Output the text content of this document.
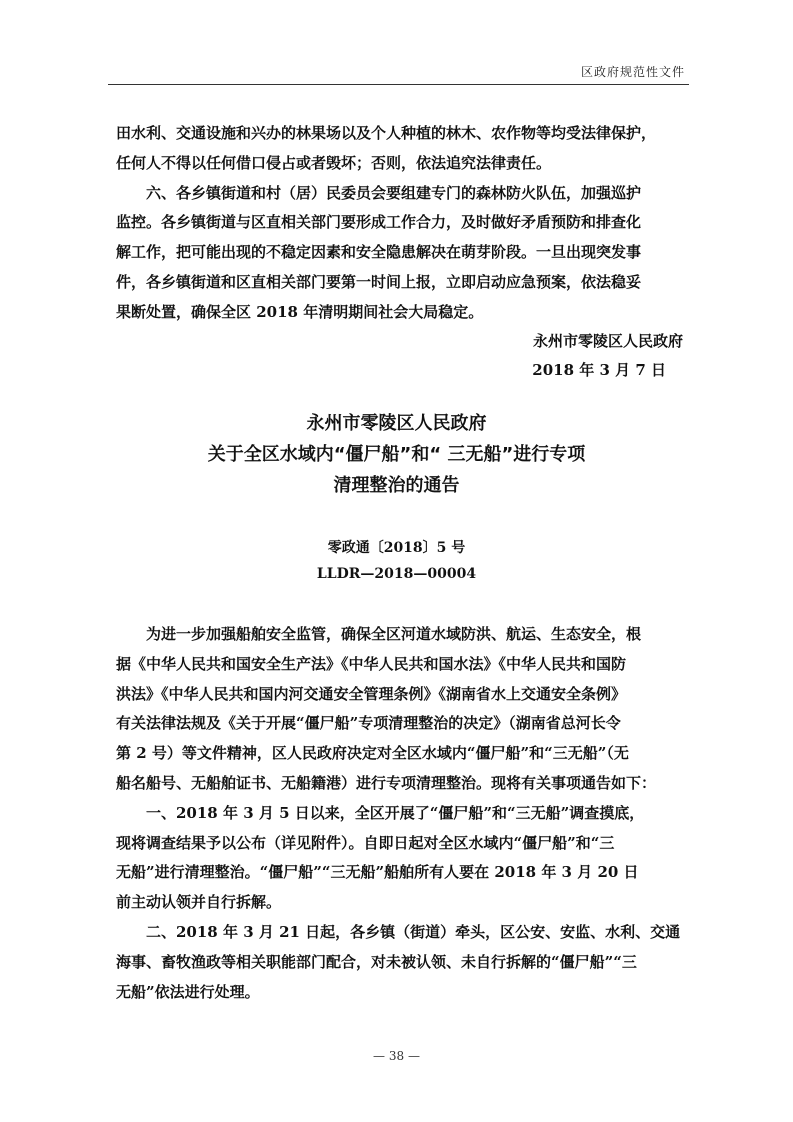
区政府规范性文件
田水利、交通设施和兴办的林果场以及个人种植的林木、农作物等均受法律保护，
任何人不得以任何借口侵占或者毁坏；否则，依法追究法律责任。
六、各乡镇街道和村（居）民委员会要组建专门的森林防火队伍，加强巡护
监控。各乡镇街道与区直相关部门要形成工作合力，及时做好矛盾预防和排查化
解工作，把可能出现的不稳定因素和安全隐患解决在萌芽阶段。一旦出现突发事
件，各乡镇街道和区直相关部门要第一时间上报，立即启动应急预案，依法稳妥
果断处置，确保全区 2018 年清明期间社会大局稳定。
永州市零陵区人民政府
2018 年 3 月 7 日
永州市零陵区人民政府
关于全区水域内“僵尸船”和“ 三无船”进行专项
清理整治的通告
零政通〔2018〕5 号
LLDR—2018—00004
为进一步加强船舶安全监管，确保全区河道水域防洪、航运、生态安全，根
据《中华人民共和国安全生产法》《中华人民共和国水法》《中华人民共和国防
洪法》《中华人民共和国内河交通安全管理条例》《湖南省水上交通安全条例》
有关法律法规及《关于开展“僵尸船”专项清理整治的决定》（湖南省总河长令
第 2 号）等文件精神，区人民政府决定对全区水域内“僵尸船”和“三无船”（无
船名船号、无船舶证书、无船籍港）进行专项清理整治。现将有关事项通告如下：
一、2018 年 3 月 5 日以来，全区开展了“僵尸船”和“三无船”调查摸底，
现将调查结果予以公布（详见附件）。自即日起对全区水域内“僵尸船”和“三
无船”进行清理整治。“僵尸船”“三无船”船舶所有人要在 2018 年 3 月 20 日
前主动认领并自行拆解。
二、2018 年 3 月 21 日起，各乡镇（街道）牵头，区公安、安监、水利、交通
海事、畜牧渔政等相关职能部门配合，对未被认领、未自行拆解的“僵尸船”“三
无船”依法进行处理。
— 38 —
